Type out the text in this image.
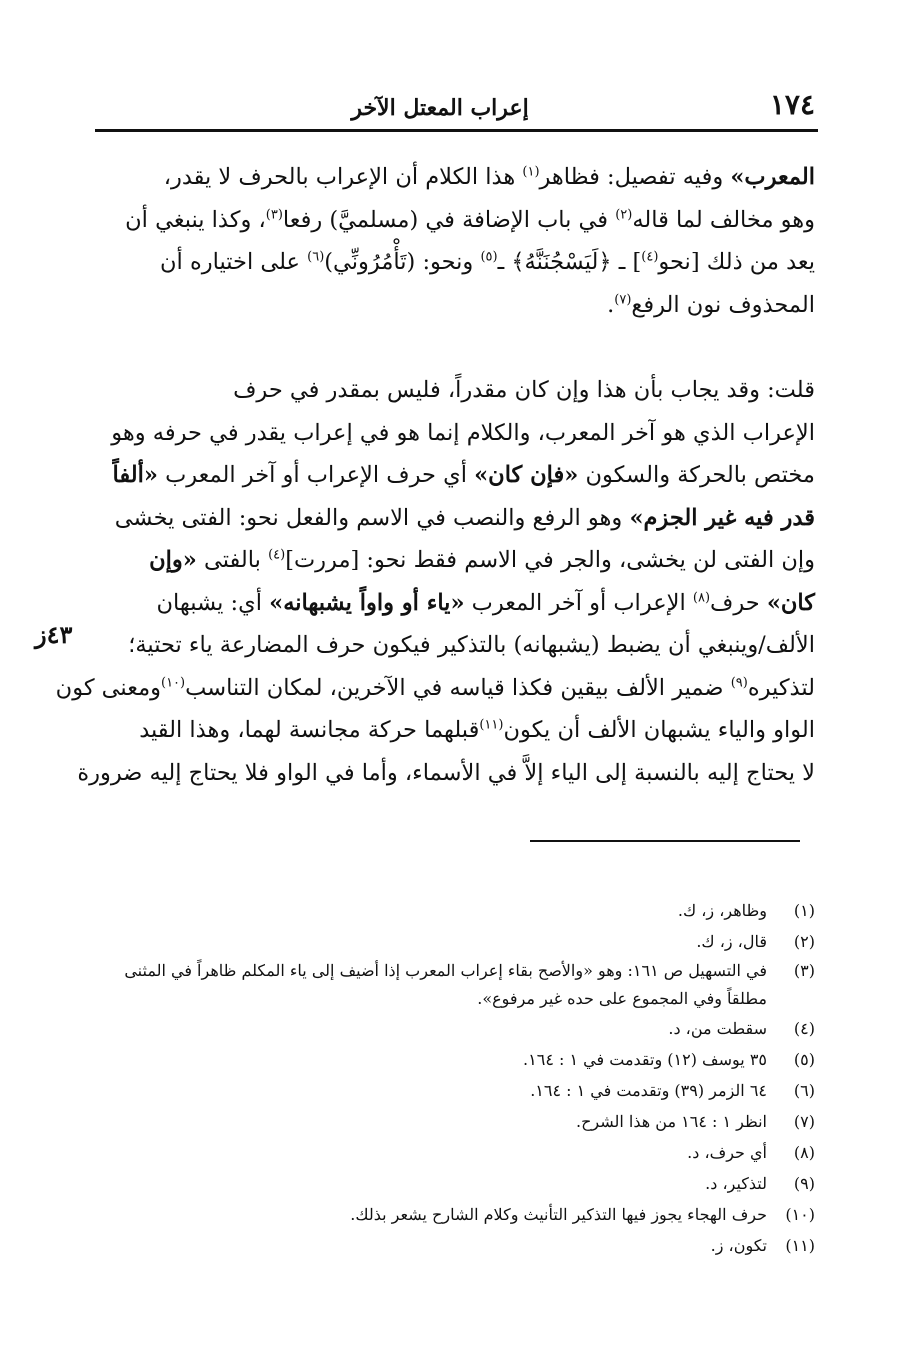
١٧٤
إعراب المعتل الآخر
٤٣ز
المعرب» وفيه تفصيل: فظاهر$^{(١)}$ هذا الكلام أن الإعراب بالحرف لا يقدر،
وهو مخالف لما قاله$^{(٢)}$ في باب الإضافة في (مسلميَّ) رفعا$^{(٣)}$، وكذا ينبغي أن
يعد من ذلك [نحو$^{(٤)}$] ـ ﴿لَيَسْجُنَنَّهُ﴾ ـ$^{(٥)}$ ونحو: (تَأْمُرُونِّي)$^{(٦)}$ على اختياره أن
المحذوف نون الرفع$^{(٧)}$.
قلت: وقد يجاب بأن هذا وإن كان مقدراً، فليس بمقدر في حرف
الإعراب الذي هو آخر المعرب، والكلام إنما هو في إعراب يقدر في حرفه وهو
مختص بالحركة والسكون «فإن كان» أي حرف الإعراب أو آخر المعرب «ألفاً
قدر فيه غير الجزم» وهو الرفع والنصب في الاسم والفعل نحو: الفتى يخشى
وإن الفتى لن يخشى، والجر في الاسم فقط نحو: [مررت]$^{(٤)}$ بالفتى «وإن
كان» حرف$^{(٨)}$ الإعراب أو آخر المعرب «ياء أو واواً يشبهانه» أي: يشبهان
الألف/وينبغي أن يضبط (يشبهانه) بالتذكير فيكون حرف المضارعة ياء تحتية؛
لتذكيره$^{(٩)}$ ضمير الألف بيقين فكذا قياسه في الآخرين، لمكان التناسب$^{(١٠)}$ومعنى كون
الواو والياء يشبهان الألف أن يكون$^{(١١)}$قبلهما حركة مجانسة لهما، وهذا القيد
لا يحتاج إليه بالنسبة إلى الياء إلاَّ في الأسماء، وأما في الواو فلا يحتاج إليه ضرورة
(١)
وظاهر، ز، ك.
(٢)
قال، ز، ك.
(٣)
في التسهيل ص ١٦١: وهو «والأصح بقاء إعراب المعرب إذا أضيف إلى ياء المكلم ظاهراً في المثنى مطلقاً وفي المجموع على حده غير مرفوع».
(٤)
سقطت من، د.
(٥)
٣٥ يوسف (١٢) وتقدمت في ١ : ١٦٤.
(٦)
٦٤ الزمر (٣٩) وتقدمت في ١ : ١٦٤.
(٧)
انظر ١ : ١٦٤ من هذا الشرح.
(٨)
أي حرف، د.
(٩)
لتذكير، د.
(١٠)
حرف الهجاء يجوز فيها التذكير التأنيث وكلام الشارح يشعر بذلك.
(١١)
تكون، ز.
